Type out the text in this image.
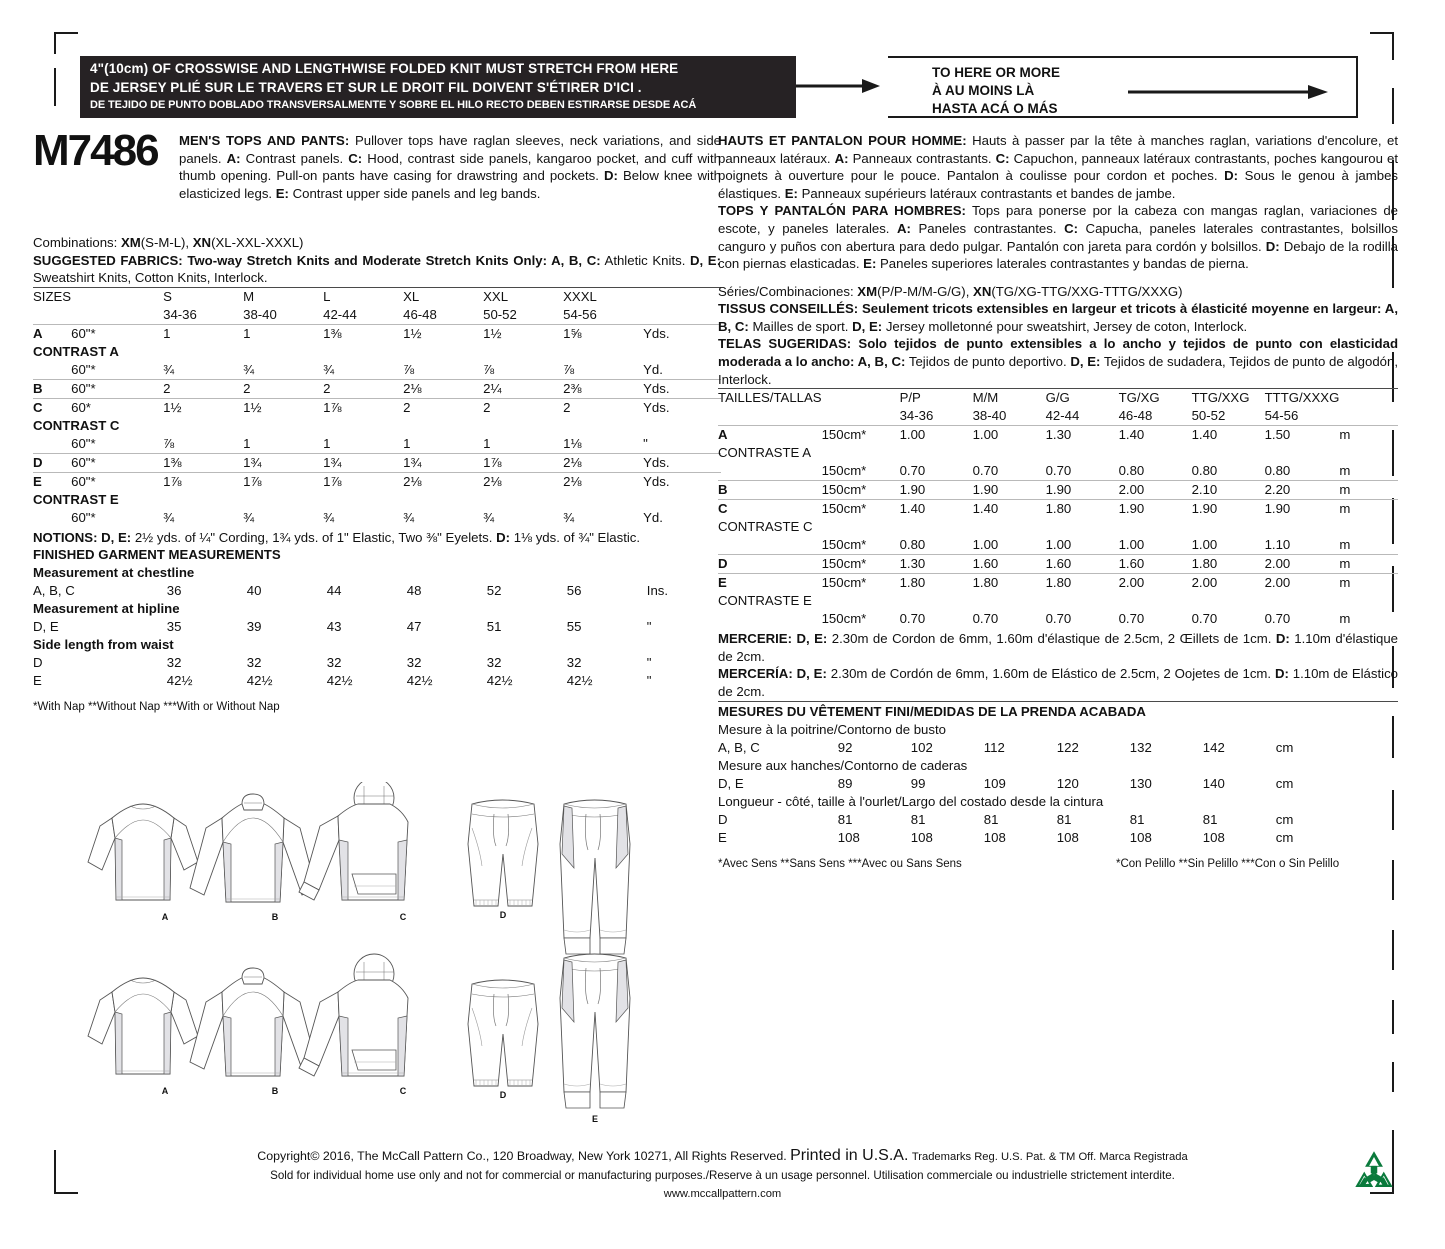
4"(10cm) OF CROSSWISE AND LENGTHWISE FOLDED KNIT MUST STRETCH FROM HERE
DE JERSEY PLIÉ SUR LE TRAVERS ET SUR LE DROIT FIL DOIVENT S'ÉTIRER D'ICI .
DE TEJIDO DE PUNTO DOBLADO TRANSVERSALMENTE Y SOBRE EL HILO RECTO DEBEN ESTIRARSE DESDE ACÁ
TO HERE OR MORE
À AU MOINS LÀ
HASTA ACÁ O MÁS
M7486 MEN'S TOPS AND PANTS: Pullover tops have raglan sleeves, neck variations, and side panels. A: Contrast panels. C: Hood, contrast side panels, kangaroo pocket, and cuff with thumb opening. Pull-on pants have casing for drawstring and pockets. D: Below knee with elasticized legs. E: Contrast upper side panels and leg bands.
Combinations: XM(S-M-L), XN(XL-XXL-XXXL)
SUGGESTED FABRICS: Two-way Stretch Knits and Moderate Stretch Knits Only: A, B, C: Athletic Knits. D, E: Sweatshirt Knits, Cotton Knits, Interlock.
SIZES		S	M	L	XL	XXL	XXXL	
		34-36	38-40	42-44	46-48	50-52	54-56	
A	60"*	1	1	1⅜	1½	1½	1⅝	Yds.
CONTRAST A								
	60"*	¾	¾	¾	⅞	⅞	⅞	Yd.
B	60"*	2	2	2	2⅛	2¼	2⅜	Yds.
C	60*	1½	1½	1⅞	2	2	2	Yds.
CONTRAST C								
	60"*	⅞	1	1	1	1	1⅛	"
D	60"*	1⅜	1¾	1¾	1¾	1⅞	2⅛	Yds.
E	60"*	1⅞	1⅞	1⅞	2⅛	2⅛	2⅛	Yds.
CONTRAST E								
	60"*	¾	¾	¾	¾	¾	¾	Yd.
NOTIONS: D, E: 2½ yds. of ¼" Cording, 1¾ yds. of 1" Elastic, Two ⅜" Eyelets. D: 1⅛ yds. of ¾" Elastic.
FINISHED GARMENT MEASUREMENTS
Measurement at chestline								
A, B, C		36	40	44	48	52	56	Ins.
Measurement at hipline								
D, E		35	39	43	47	51	55	"
Side length from waist								
D		32	32	32	32	32	32	"
E		42½	42½	42½	42½	42½	42½	"
*With Nap **Without Nap ***With or Without Nap
HAUTS ET PANTALON POUR HOMME: Hauts à passer par la tête à manches raglan, variations d'encolure, et panneaux latéraux. A: Panneaux contrastants. C: Capuchon, panneaux latéraux contrastants, poches kangourou et poignets à ouverture pour le pouce. Pantalon à coulisse pour cordon et poches. D: Sous le genou à jambes élastiques. E: Panneaux supérieurs latéraux contrastants et bandes de jambe.
TOPS Y PANTALÓN PARA HOMBRES: Tops para ponerse por la cabeza con mangas raglan, variaciones de escote, y paneles laterales. A: Paneles contrastantes. C: Capucha, paneles laterales contrastantes, bolsillos canguro y puños con abertura para dedo pulgar. Pantalón con jareta para cordón y bolsillos. D: Debajo de la rodilla con piernas elasticadas. E: Paneles superiores laterales contrastantes y bandas de pierna.
Séries/Combinaciones: XM(P/P-M/M-G/G), XN(TG/XG-TTG/XXG-TTTG/XXXG)
TISSUS CONSEILLÉS: Seulement tricots extensibles en largeur et tricots à élasticité moyenne en largeur: A, B, C: Mailles de sport. D, E: Jersey molletonné pour sweatshirt, Jersey de coton, Interlock.
TELAS SUGERIDAS: Solo tejidos de punto extensibles a lo ancho y tejidos de punto con elasticidad moderada a lo ancho: A, B, C: Tejidos de punto deportivo. D, E: Tejidos de sudadera, Tejidos de punto de algodón, Interlock.
TAILLES/TALLAS		P/P	M/M	G/G	TG/XG	TTG/XXG	TTTG/XXXG	
		34-36	38-40	42-44	46-48	50-52	54-56	
A	150cm*	1.00	1.00	1.30	1.40	1.40	1.50	m
CONTRASTE A								
	150cm*	0.70	0.70	0.70	0.80	0.80	0.80	m
B	150cm*	1.90	1.90	1.90	2.00	2.10	2.20	m
C	150cm*	1.40	1.40	1.80	1.90	1.90	1.90	m
CONTRASTE C								
	150cm*	0.80	1.00	1.00	1.00	1.00	1.10	m
D	150cm*	1.30	1.60	1.60	1.60	1.80	2.00	m
E	150cm*	1.80	1.80	1.80	2.00	2.00	2.00	m
CONTRASTE E								
	150cm*	0.70	0.70	0.70	0.70	0.70	0.70	m
MERCERIE: D, E: 2.30m de Cordon de 6mm, 1.60m d'élastique de 2.5cm, 2 Œillets de 1cm. D: 1.10m d'élastique de 2cm.
MERCERÍA: D, E: 2.30m de Cordón de 6mm, 1.60m de Elástico de 2.5cm, 2 Oojetes de 1cm. D: 1.10m de Elástico de 2cm.
MESURES DU VÊTEMENT FINI/MEDIDAS DE LA PRENDA ACABADA
Mesure à la poitrine/Contorno de busto								
A, B, C		92	102	112	122	132	142	cm
Mesure aux hanches/Contorno de caderas								
D, E		89	99	109	120	130	140	cm
Longueur - côté, taille à l'ourlet/Largo del costado desde la cintura								
D		81	81	81	81	81	81	cm
E		108	108	108	108	108	108	cm
*Avec Sens **Sans Sens ***Avec ou Sans Sens	*Con Pelillo **Sin Pelillo ***Con o Sin Pelillo
A	B	C	D
A	B	C	D
E
Copyright© 2016, The McCall Pattern Co., 120 Broadway, New York 10271, All Rights Reserved. Printed in U.S.A. Trademarks Reg. U.S. Pat. & TM Off. Marca Registrada
Sold for individual home use only and not for commercial or manufacturing purposes./Reserve à un usage personnel. Utilisation commerciale ou industrielle strictement interdite.
www.mccallpattern.com
